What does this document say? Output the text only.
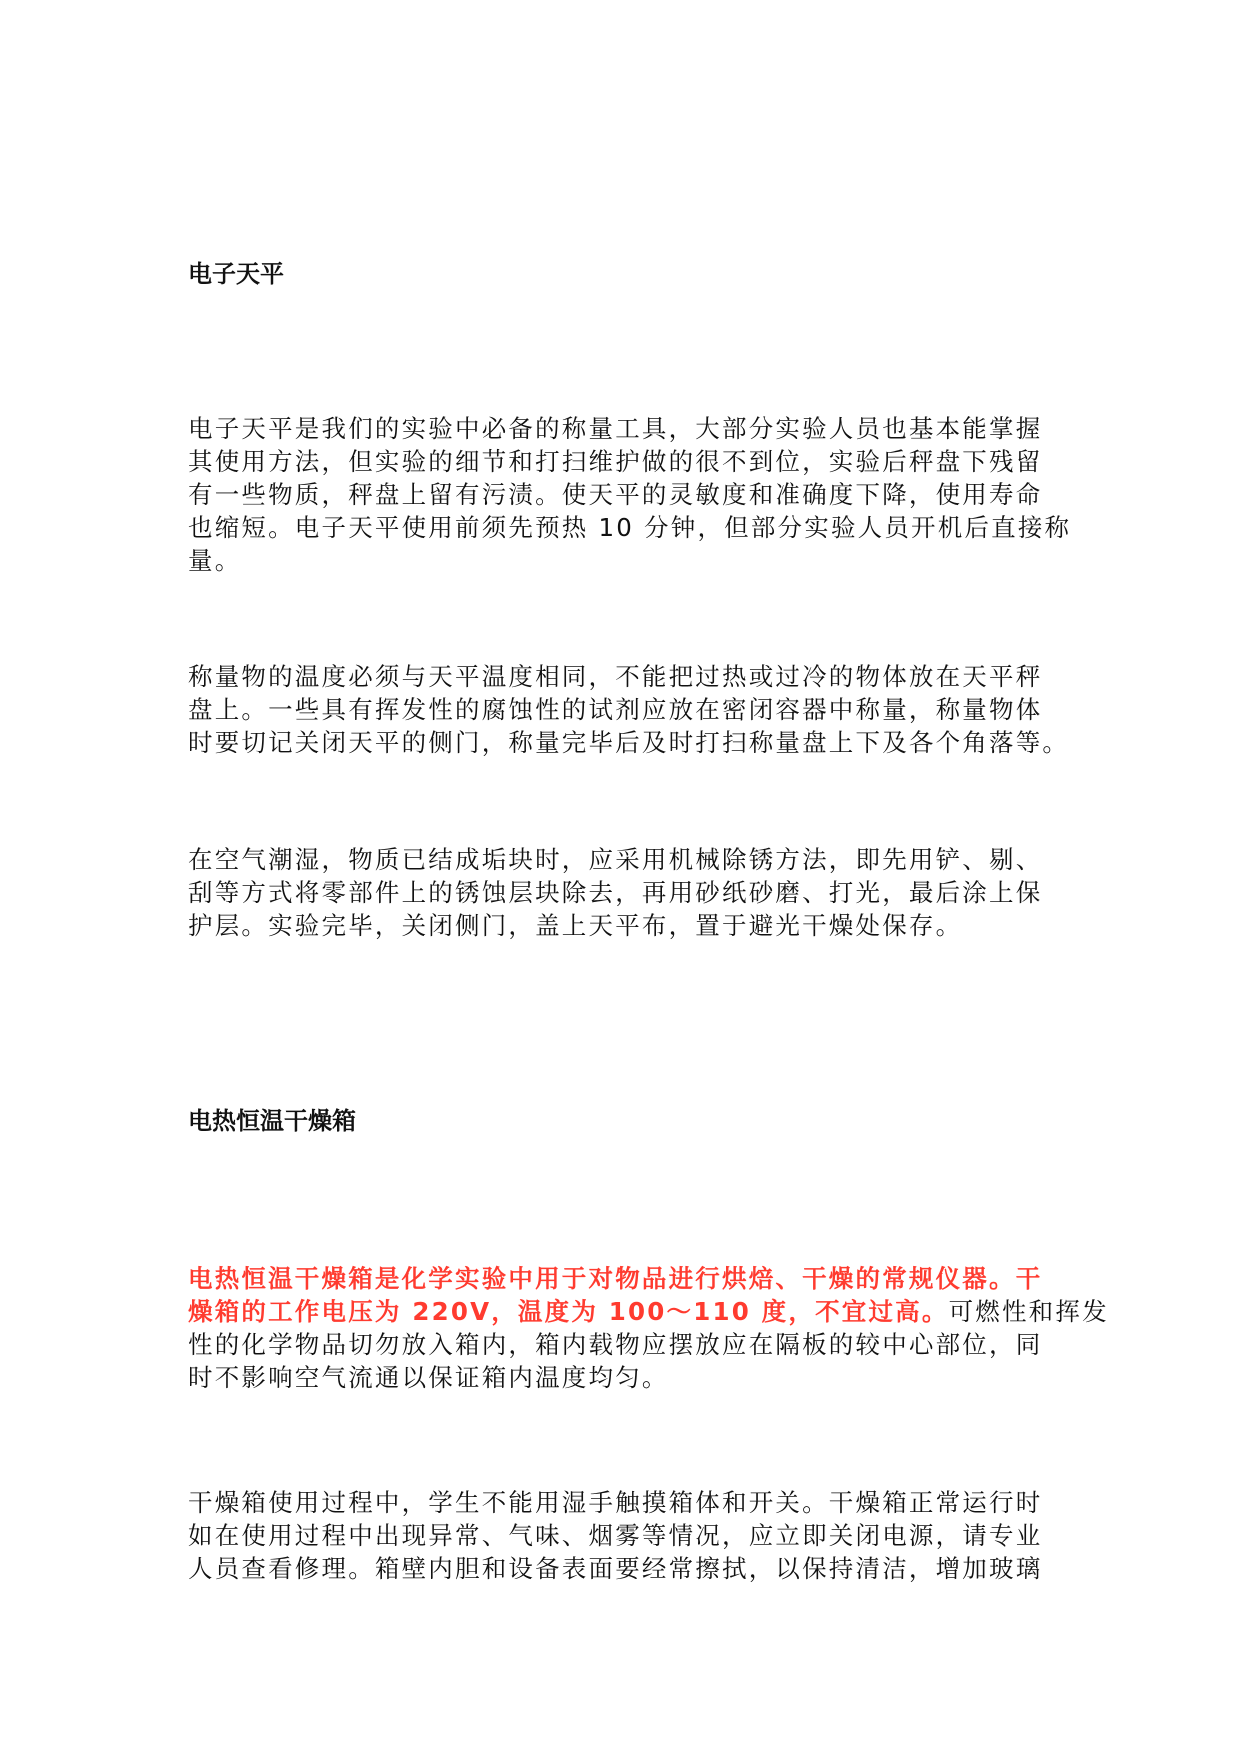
电子天平
电子天平是我们的实验中必备的称量工具，大部分实验人员也基本能掌握
其使用方法，但实验的细节和打扫维护做的很不到位，实验后秤盘下残留
有一些物质，秤盘上留有污渍。使天平的灵敏度和准确度下降，使用寿命
也缩短。电子天平使用前须先预热 10 分钟，但部分实验人员开机后直接称
量。
称量物的温度必须与天平温度相同，不能把过热或过冷的物体放在天平秤
盘上。一些具有挥发性的腐蚀性的试剂应放在密闭容器中称量，称量物体
时要切记关闭天平的侧门，称量完毕后及时打扫称量盘上下及各个角落等。
在空气潮湿，物质已结成垢块时，应采用机械除锈方法，即先用铲、剔、
刮等方式将零部件上的锈蚀层块除去，再用砂纸砂磨、打光，最后涂上保
护层。实验完毕，关闭侧门，盖上天平布，置于避光干燥处保存。
电热恒温干燥箱
电热恒温干燥箱是化学实验中用于对物品进行烘焙、干燥的常规仪器。干
燥箱的工作电压为 220V，温度为 100～110 度，不宜过高。可燃性和挥发
性的化学物品切勿放入箱内，箱内载物应摆放应在隔板的较中心部位，同
时不影响空气流通以保证箱内温度均匀。
干燥箱使用过程中，学生不能用湿手触摸箱体和开关。干燥箱正常运行时
如在使用过程中出现异常、气味、烟雾等情况，应立即关闭电源，请专业
人员查看修理。箱壁内胆和设备表面要经常擦拭，以保持清洁，增加玻璃
